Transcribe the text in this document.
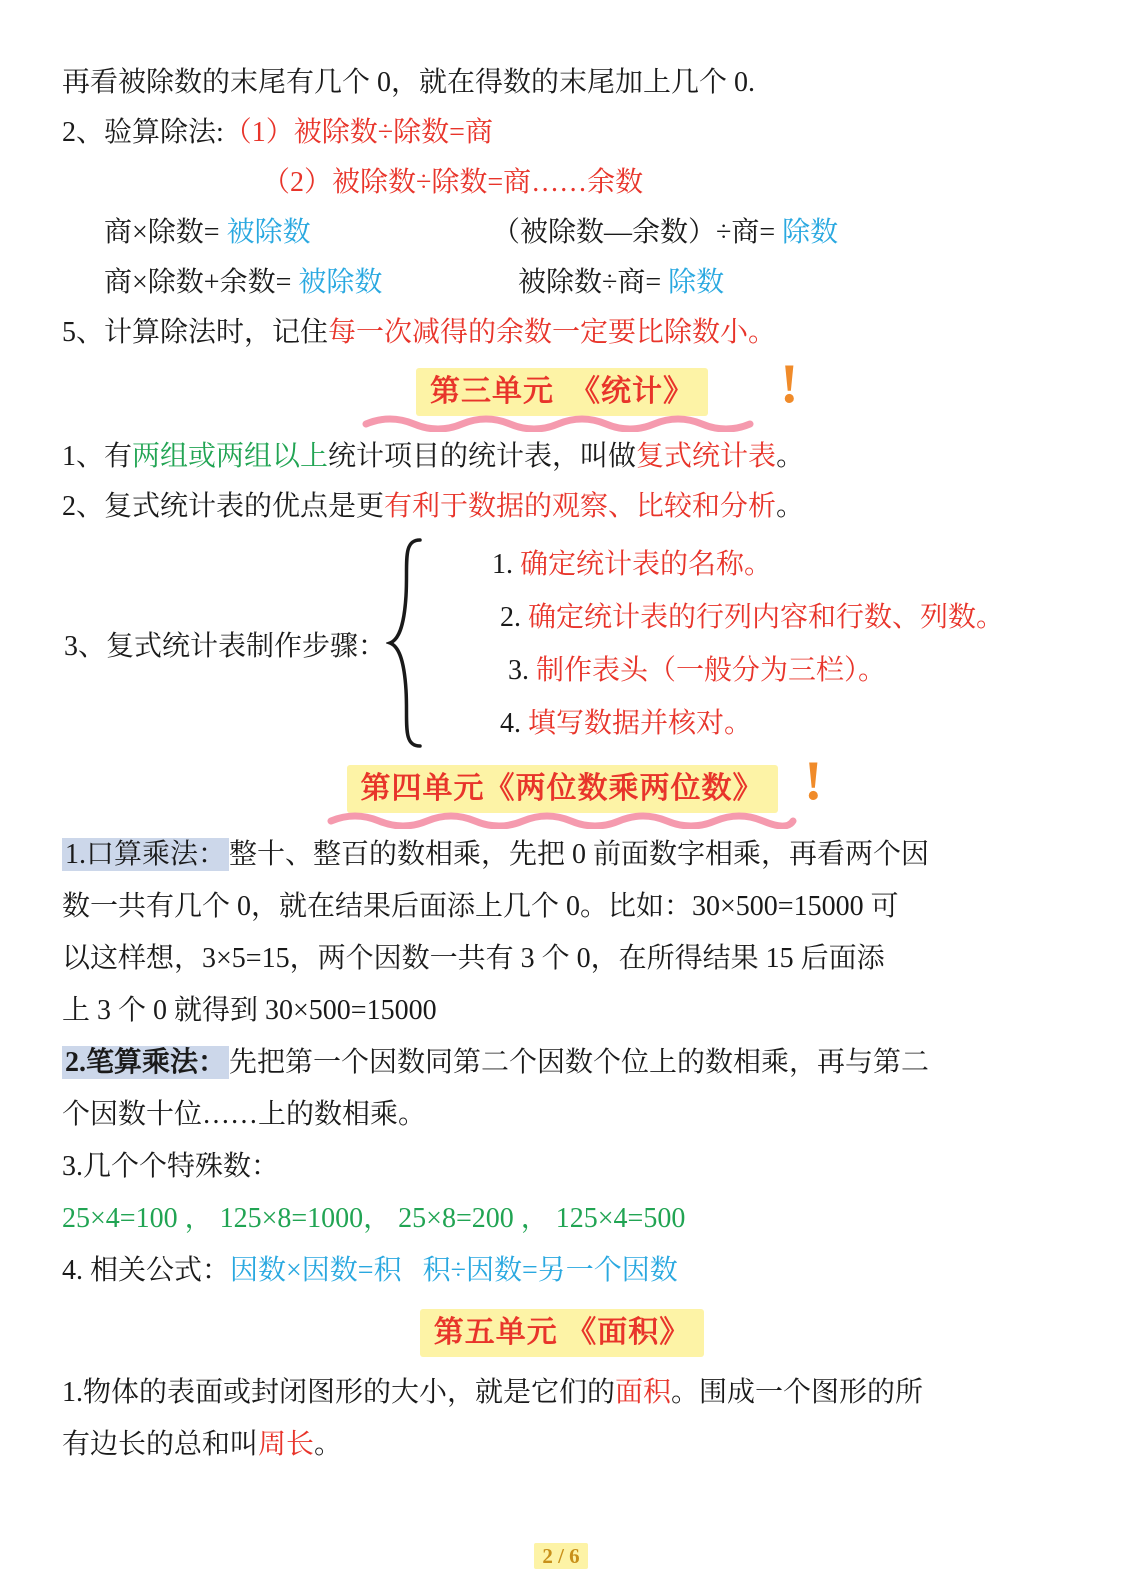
再看被除数的末尾有几个 0，就在得数的末尾加上几个 0.
2、验算除法:（1）被除数÷除数=商
（2）被除数÷除数=商……余数
商×除数= 被除数	（被除数—余数）÷商= 除数
商×除数+余数= 被除数	被除数÷商= 除数
5、计算除法时，记住每一次减得的余数一定要比除数小。
第三单元　《统计》 !
1、有两组或两组以上统计项目的统计表，叫做复式统计表。
2、复式统计表的优点是更有利于数据的观察、比较和分析。
3、复式统计表制作步骤：
1. 确定统计表的名称。
2. 确定统计表的行列内容和行数、列数。
3. 制作表头（一般分为三栏）。
4. 填写数据并核对。
第四单元《两位数乘两位数》 !
1.口算乘法： 整十、整百的数相乘，先把 0 前面数字相乘，再看两个因
数一共有几个 0，就在结果后面添上几个 0。比如：30×500=15000 可
以这样想，3×5=15，两个因数一共有 3 个 0，在所得结果 15 后面添
上 3 个 0 就得到 30×500=15000
2.笔算乘法： 先把第一个因数同第二个因数个位上的数相乘，再与第二
个因数十位……上的数相乘。
3.几个个特殊数：
25×4=100 ， 125×8=1000， 25×8=200 ， 125×4=500
4. 相关公式：因数×因数=积 积÷因数=另一个因数
第五单元 《面积》
1.物体的表面或封闭图形的大小，就是它们的面积。围成一个图形的所
有边长的总和叫周长。
2 / 6
